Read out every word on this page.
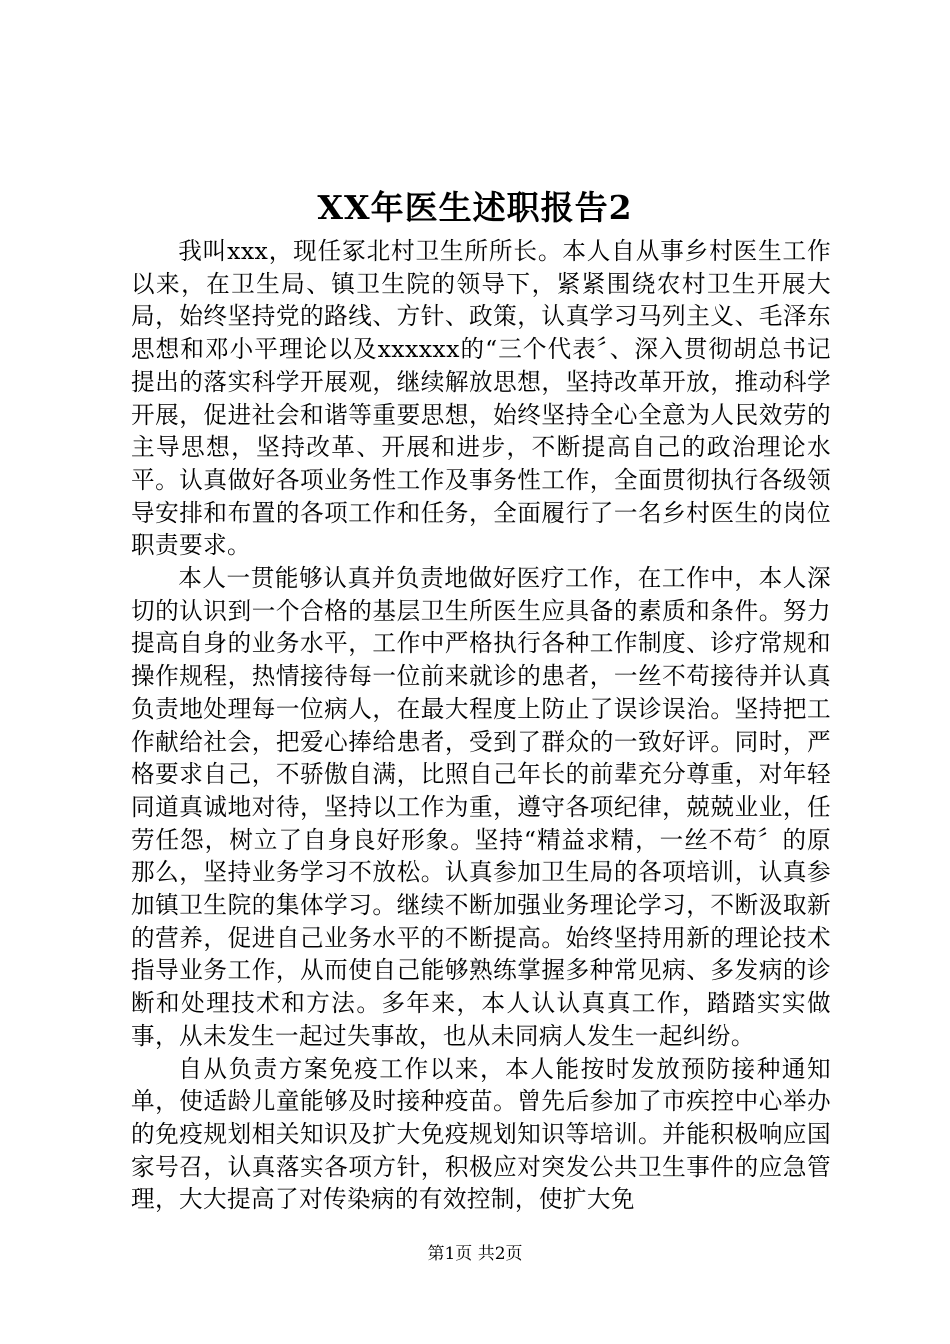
XX年医生述职报告2

我叫xxx，现任冢北村卫生所所长。本人自从事乡村医生工作以来，在卫生局、镇卫生院的领导下，紧紧围绕农村卫生开展大局，始终坚持党的路线、方针、政策，认真学习马列主义、毛泽东思想和邓小平理论以及xxxxxx的“三个代表〞、深入贯彻胡总书记提出的落实科学开展观，继续解放思想，坚持改革开放，推动科学开展，促进社会和谐等重要思想，始终坚持全心全意为人民效劳的主导思想，坚持改革、开展和进步，不断提高自己的政治理论水平。认真做好各项业务性工作及事务性工作，全面贯彻执行各级领导安排和布置的各项工作和任务，全面履行了一名乡村医生的岗位职责要求。

本人一贯能够认真并负责地做好医疗工作，在工作中，本人深切的认识到一个合格的基层卫生所医生应具备的素质和条件。努力提高自身的业务水平，工作中严格执行各种工作制度、诊疗常规和操作规程，热情接待每一位前来就诊的患者，一丝不苟接待并认真负责地处理每一位病人，在最大程度上防止了误诊误治。坚持把工作献给社会，把爱心捧给患者，受到了群众的一致好评。同时，严格要求自己，不骄傲自满，比照自己年长的前辈充分尊重，对年轻同道真诚地对待，坚持以工作为重，遵守各项纪律，兢兢业业，任劳任怨，树立了自身良好形象。坚持“精益求精，一丝不苟〞的原那么，坚持业务学习不放松。认真参加卫生局的各项培训，认真参加镇卫生院的集体学习。继续不断加强业务理论学习，不断汲取新的营养，促进自己业务水平的不断提高。始终坚持用新的理论技术指导业务工作，从而使自己能够熟练掌握多种常见病、多发病的诊断和处理技术和方法。多年来，本人认认真真工作，踏踏实实做事，从未发生一起过失事故，也从未同病人发生一起纠纷。

自从负责方案免疫工作以来，本人能按时发放预防接种通知单，使适龄儿童能够及时接种疫苗。曾先后参加了市疾控中心举办的免疫规划相关知识及扩大免疫规划知识等培训。并能积极响应国家号召，认真落实各项方针，积极应对突发公共卫生事件的应急管理，大大提高了对传染病的有效控制，使扩大免

第1页 共2页
